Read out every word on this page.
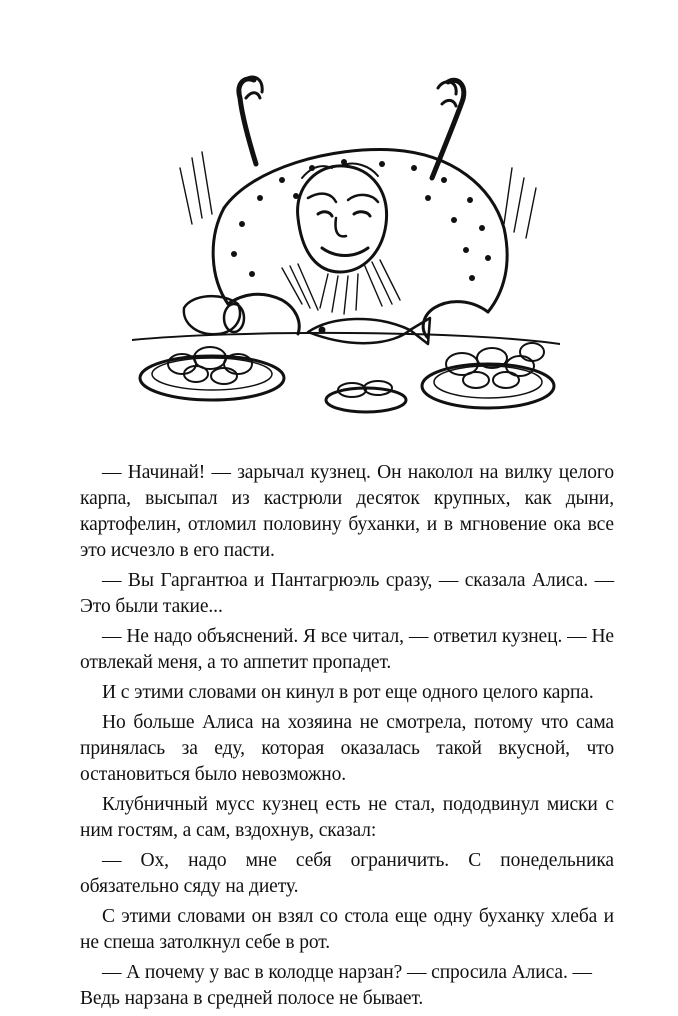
— Начинай! — зарычал кузнец. Он наколол на вилку целого карпа, высыпал из кастрюли десяток крупных, как дыни, картофелин, отломил половину буханки, и в мгновение ока все это исчезло в его пасти.

— Вы Гаргантюа и Пантагрюэль сразу, — сказала Алиса. — Это были такие...

— Не надо объяснений. Я все читал, — ответил кузнец. — Не отвлекай меня, а то аппетит пропадет.

И с этими словами он кинул в рот еще одного целого карпа.

Но больше Алиса на хозяина не смотрела, потому что сама принялась за еду, которая оказалась такой вкусной, что остановиться было невозможно.

Клубничный мусс кузнец есть не стал, пододвинул миски с ним гостям, а сам, вздохнув, сказал:

— Ох, надо мне себя ограничить. С понедельника обязательно сяду на диету.

С этими словами он взял со стола еще одну буханку хлеба и не спеша затолкнул себе в рот.

— А почему у вас в колодце нарзан? — спросила Алиса. — Ведь нарзана в средней полосе не бывает.
